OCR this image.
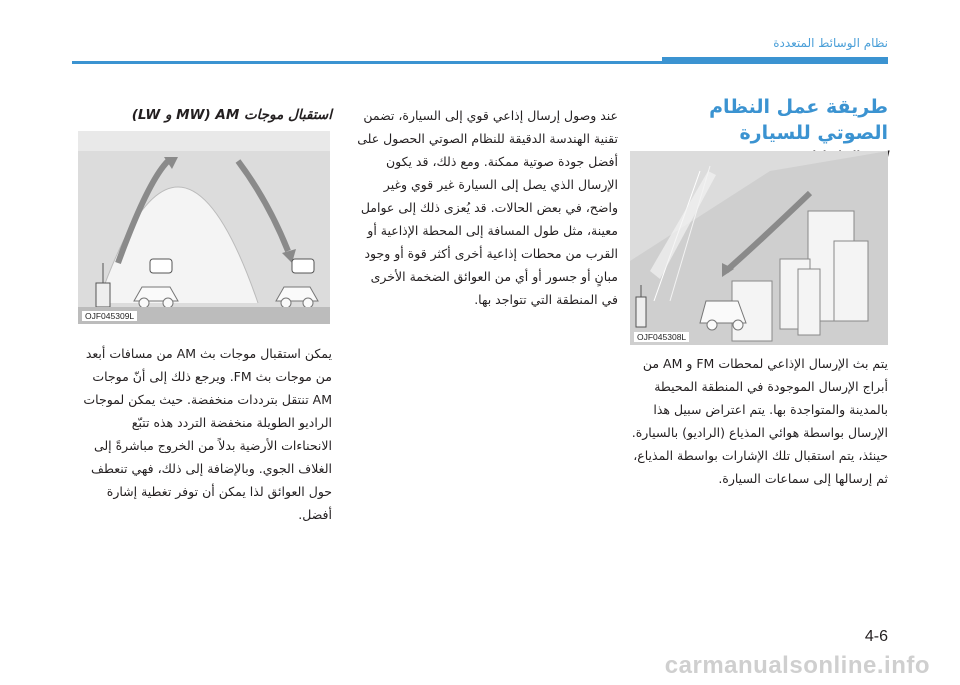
نظام الوسائط المتعددة

طريقة عمل النظام الصوتي للسيارة

OJF045308L

يتم بث الإرسال الإذاعي لمحطات FM و AM من أبراج الإرسال الموجودة في المنطقة المحيطة بالمدينة والمتواجدة بها. يتم اعتراض سبيل هذا الإرسال بواسطة هوائي المذياع (الراديو) بالسيارة. حينئذ، يتم استقبال تلك الإشارات بواسطة المذياع، ثم إرسالها إلى سماعات السيارة.

عند وصول إرسال إذاعي قوي إلى السيارة، تضمن تقنية الهندسة الدقيقة للنظام الصوتي الحصول على أفضل جودة صوتية ممكنة. ومع ذلك، قد يكون الإرسال الذي يصل إلى السيارة غير قوي وغير واضح، في بعض الحالات. قد يُعزى ذلك إلى عوامل معينة، مثل طول المسافة إلى المحطة الإذاعية أو القرب من محطات إذاعية أخرى أكثر قوة أو وجود مبانٍ أو جسور أو أي من العوائق الضخمة الأخرى في المنطقة التي تتواجد بها.

استقبال موجات AM (MW و LW)

OJF045309L

يمكن استقبال موجات بث AM من مسافات أبعد من موجات بث FM. ويرجع ذلك إلى أنّ موجات AM تنتقل بترددات منخفضة. حيث يمكن لموجات الراديو الطويلة منخفضة التردد هذه تتبّع الانحناءات الأرضية بدلاً من الخروج مباشرةً إلى الغلاف الجوي. وبالإضافة إلى ذلك، فهي تنعطف حول العوائق لذا يمكن أن توفر تغطية إشارة أفضل.

4-6
carmanualsonline.info
